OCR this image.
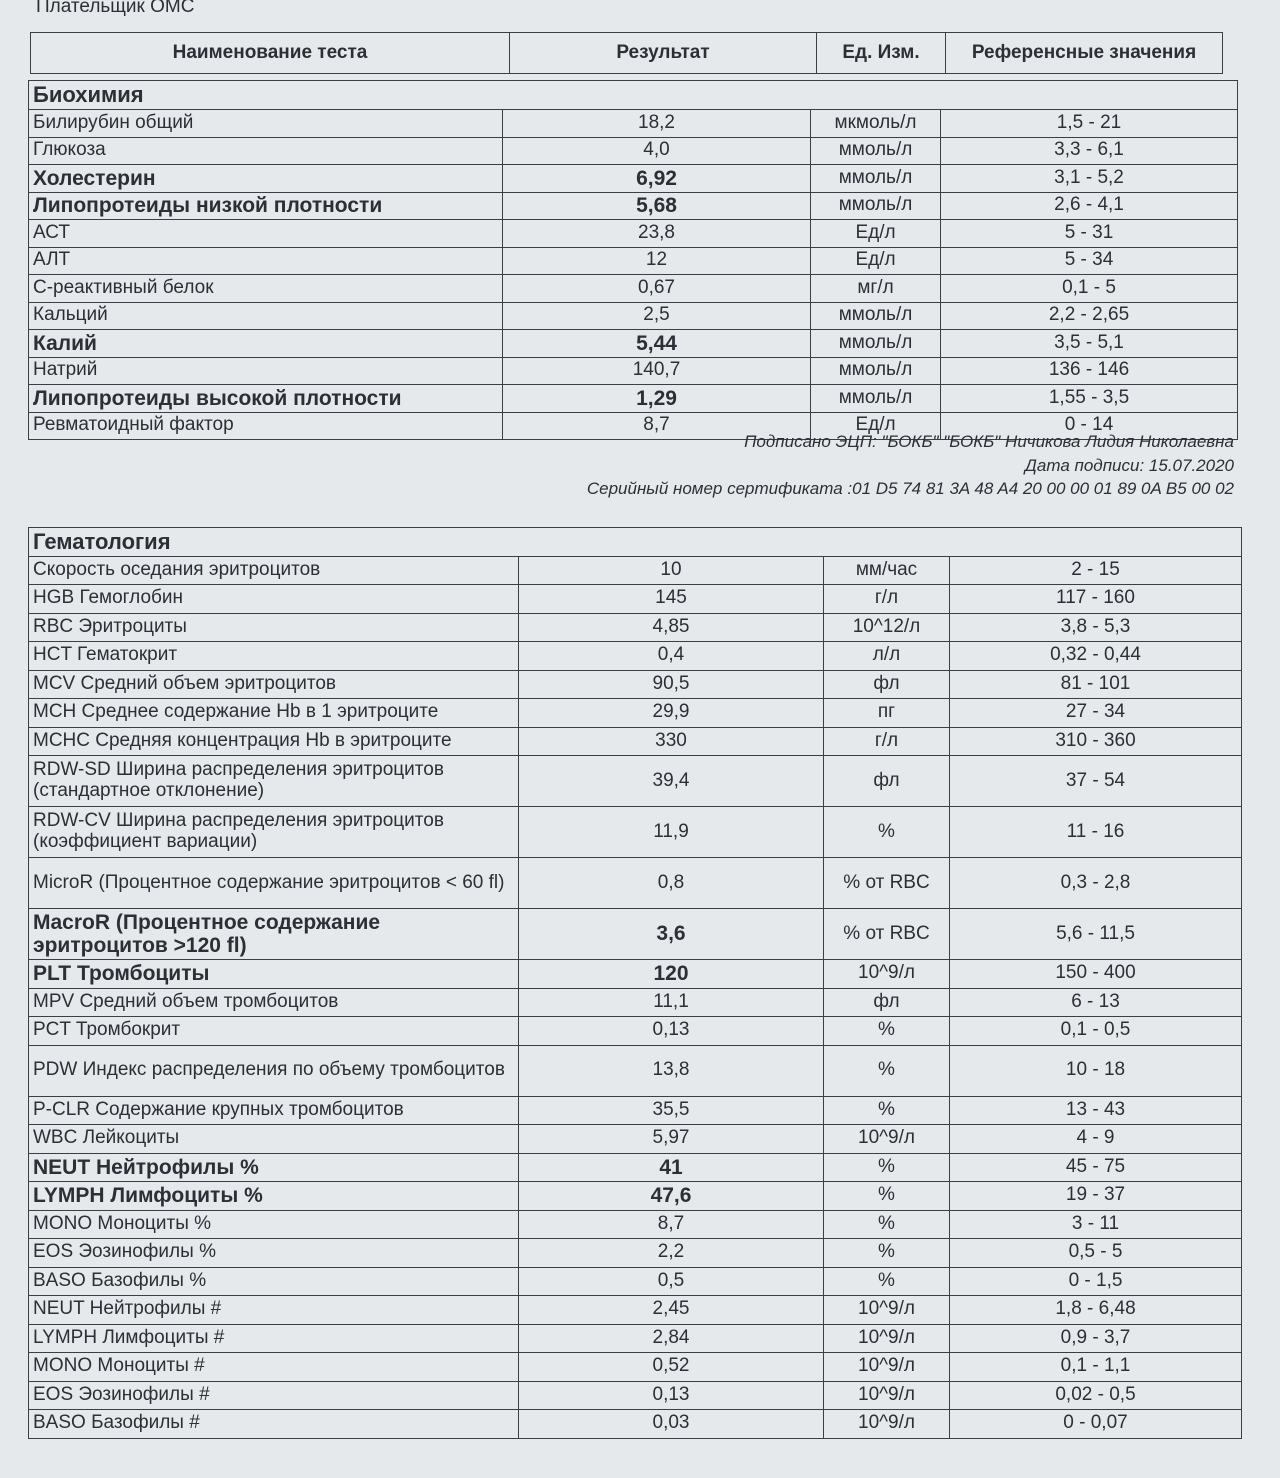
Плательщик ОМС
Наименование теста	Результат	Ед. Изм.	Референсные значения
Биохимия			
Билирубин общий	18,2	мкмоль/л	1,5 - 21
Глюкоза	4,0	ммоль/л	3,3 - 6,1
Холестерин	6,92	ммоль/л	3,1 - 5,2
Липопротеиды низкой плотности	5,68	ммоль/л	2,6 - 4,1
АСТ	23,8	Ед/л	5 - 31
АЛТ	12	Ед/л	5 - 34
С-реактивный белок	0,67	мг/л	0,1 - 5
Кальций	2,5	ммоль/л	2,2 - 2,65
Калий	5,44	ммоль/л	3,5 - 5,1
Натрий	140,7	ммоль/л	136 - 146
Липопротеиды высокой плотности	1,29	ммоль/л	1,55 - 3,5
Ревматоидный фактор	8,7	Ед/л	0 - 14
Подписано ЭЦП: "БОКБ" "БОКБ" Ничикова Лидия Николаевна
Дата подписи: 15.07.2020
Серийный номер сертификата :01 D5 74 81 3A 48 A4 20 00 00 01 89 0A B5 00 02
Гематология			
Скорость оседания эритроцитов	10	мм/час	2 - 15
HGB Гемоглобин	145	г/л	117 - 160
RBC Эритроциты	4,85	10^12/л	3,8 - 5,3
HCT Гематокрит	0,4	л/л	0,32 - 0,44
MCV Средний объем эритроцитов	90,5	фл	81 - 101
MCH Среднее содержание Hb в 1 эритроците	29,9	пг	27 - 34
MCHC Средняя концентрация Hb в эритроците	330	г/л	310 - 360
RDW-SD Ширина распределения эритроцитов (стандартное отклонение)	39,4	фл	37 - 54
RDW-CV Ширина распределения эритроцитов (коэффициент вариации)	11,9	%	11 - 16
MicroR (Процентное содержание эритроцитов < 60 fl)	0,8	% от RBC	0,3 - 2,8
MacroR (Процентное содержание эритроцитов >120 fl)	3,6	% от RBC	5,6 - 11,5
PLT Тромбоциты	120	10^9/л	150 - 400
MPV Средний объем тромбоцитов	11,1	фл	6 - 13
PCT Тромбокрит	0,13	%	0,1 - 0,5
PDW Индекс распределения по объему тромбоцитов	13,8	%	10 - 18
P-CLR Содержание крупных тромбоцитов	35,5	%	13 - 43
WBC Лейкоциты	5,97	10^9/л	4 - 9
NEUT Нейтрофилы %	41	%	45 - 75
LYMPH Лимфоциты %	47,6	%	19 - 37
MONO Моноциты %	8,7	%	3 - 11
EOS Эозинофилы %	2,2	%	0,5 - 5
BASO Базофилы %	0,5	%	0 - 1,5
NEUT Нейтрофилы #	2,45	10^9/л	1,8 - 6,48
LYMPH Лимфоциты #	2,84	10^9/л	0,9 - 3,7
MONO Моноциты #	0,52	10^9/л	0,1 - 1,1
EOS Эозинофилы #	0,13	10^9/л	0,02 - 0,5
BASO Базофилы #	0,03	10^9/л	0 - 0,07
